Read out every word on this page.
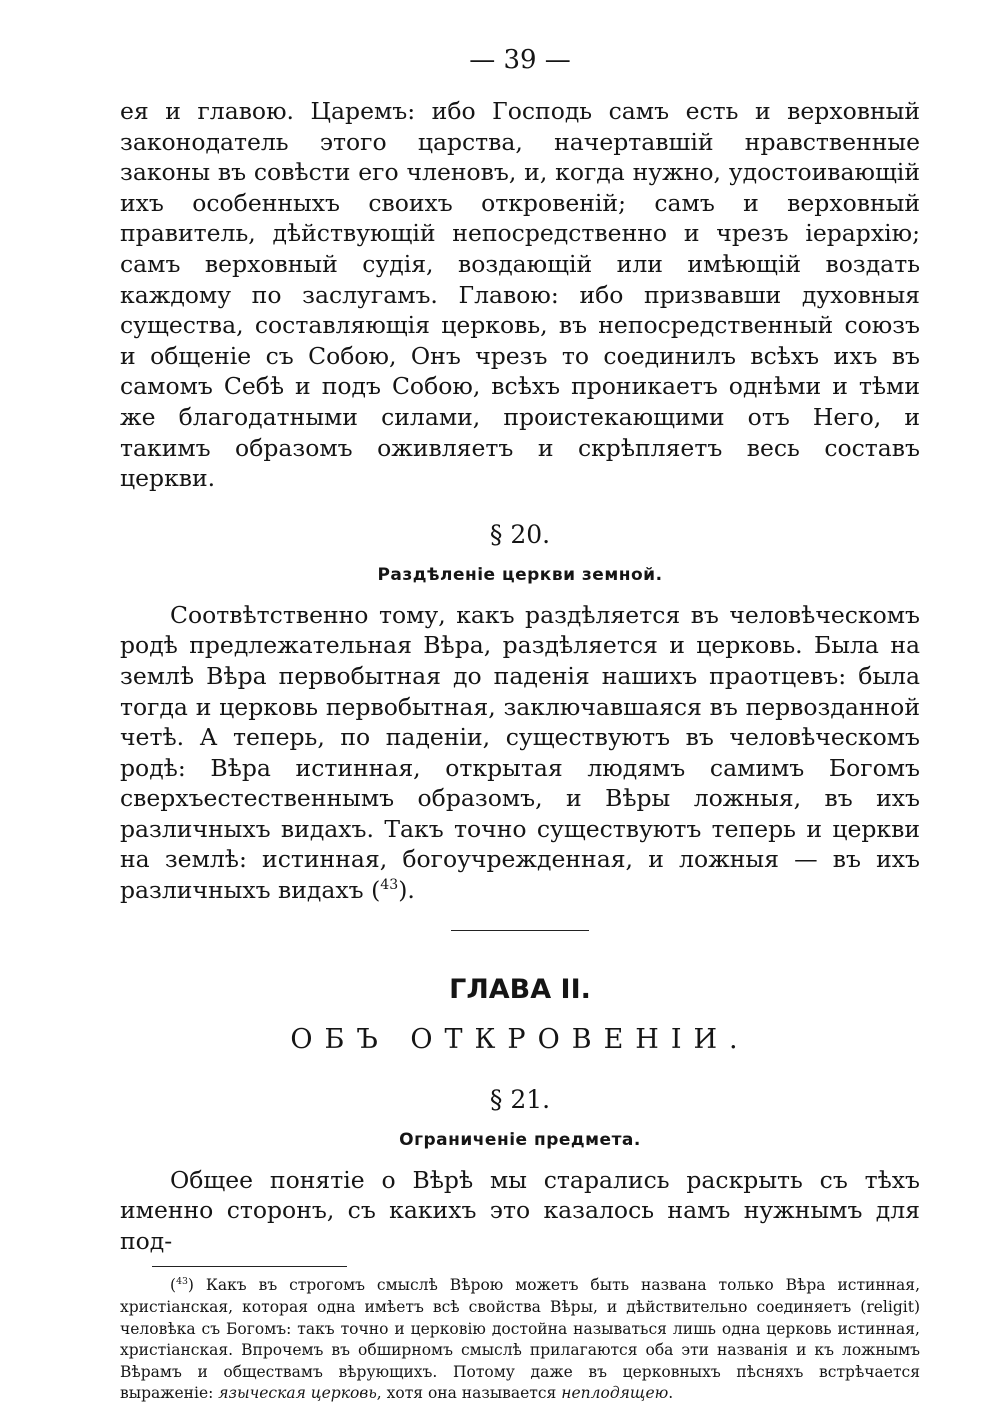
— 39 —

ея и главою. Царемъ: ибо Господь самъ есть и верховный законодатель этого царства, начертавшій нравственные законы въ совѣсти его членовъ, и, когда нужно, удостоивающій ихъ особенныхъ своихъ откровеній; самъ и верховный правитель, дѣйствующій непосредственно и чрезъ іерархію; самъ верховный судія, воздающій или имѣющій воздать каждому по заслугамъ. Главою: ибо призвавши духовныя существа, составляющія церковь, въ непосредственный союзъ и общеніе съ Собою, Онъ чрезъ то соединилъ всѣхъ ихъ въ самомъ Себѣ и подъ Собою, всѣхъ проникаетъ однѣми и тѣми же благодатными силами, проистекающими отъ Него, и такимъ образомъ оживляетъ и скрѣпляетъ весь составъ церкви.

§ 20.
Раздѣленіе церкви земной.

Соотвѣтственно тому, какъ раздѣляется въ человѣческомъ родѣ предлежательная Вѣра, раздѣляется и церковь. Была на землѣ Вѣра первобытная до паденія нашихъ праотцевъ: была тогда и церковь первобытная, заключавшаяся въ первозданной четѣ. А теперь, по паденіи, существуютъ въ человѣческомъ родѣ: Вѣра истинная, открытая людямъ самимъ Богомъ сверхъестественнымъ образомъ, и Вѣры ложныя, въ ихъ различныхъ видахъ. Такъ точно существуютъ теперь и церкви на землѣ: истинная, богоучрежденная, и ложныя — въ ихъ различныхъ видахъ ($^{43}$).

ГЛАВА II.
ОБЪ ОТКРОВЕНІИ.
§ 21.
Ограниченіе предмета.

Общее понятіе о Вѣрѣ мы старались раскрыть съ тѣхъ именно сторонъ, съ какихъ это казалось намъ нужнымъ для под-

($^{43}$) Какъ въ строгомъ смыслѣ Вѣрою можетъ быть названа только Вѣра истинная, христіанская, которая одна имѣетъ всѣ свойства Вѣры, и дѣйствительно соединяетъ (religit) человѣка съ Богомъ: такъ точно и церковію достойна называться лишь одна церковь истинная, христіанская. Впрочемъ въ обширномъ смыслѣ прилагаются оба эти названія и къ ложнымъ Вѣрамъ и обществамъ вѣрующихъ. Потому даже въ церковныхъ пѣсняхъ встрѣчается выраженіе: языческая церковь, хотя она называется неплодящею.
